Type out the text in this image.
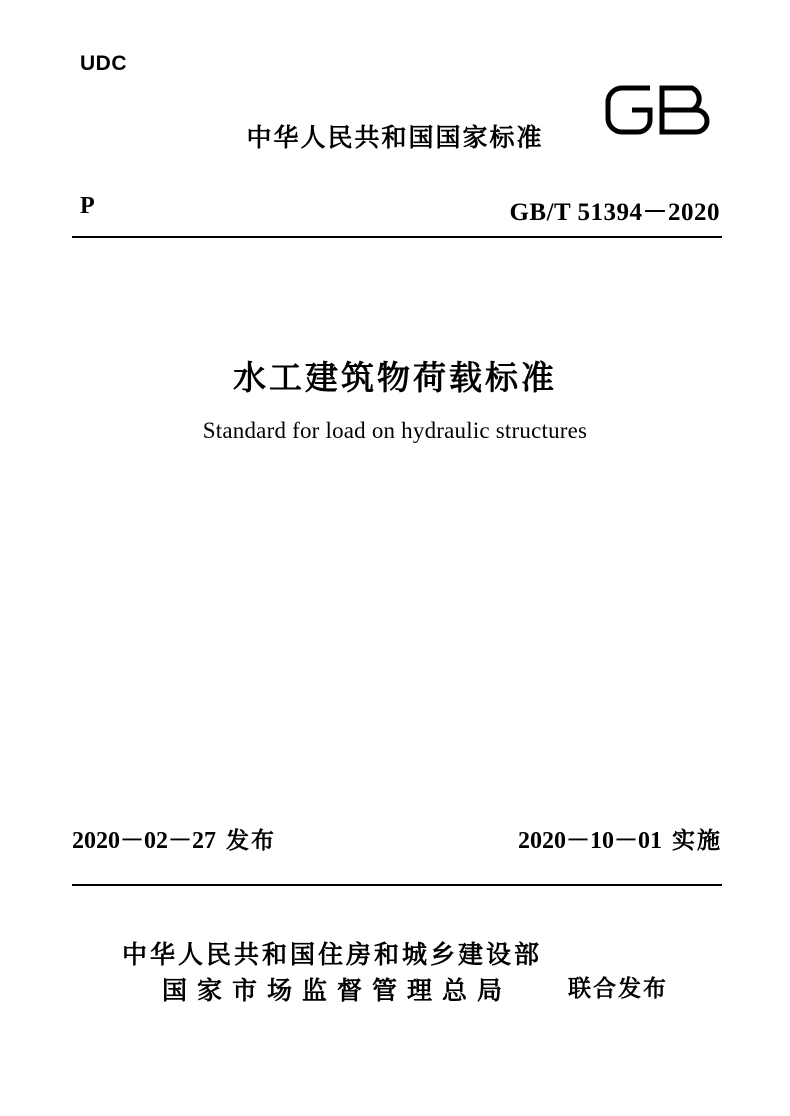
UDC
中华人民共和国国家标准
P	GB/T 51394－2020
水工建筑物荷载标准
Standard for load on hydraulic structures
2020－02－27 发布	2020－10－01 实施
中华人民共和国住房和城乡建设部
国家市场监督管理总局	联合发布
